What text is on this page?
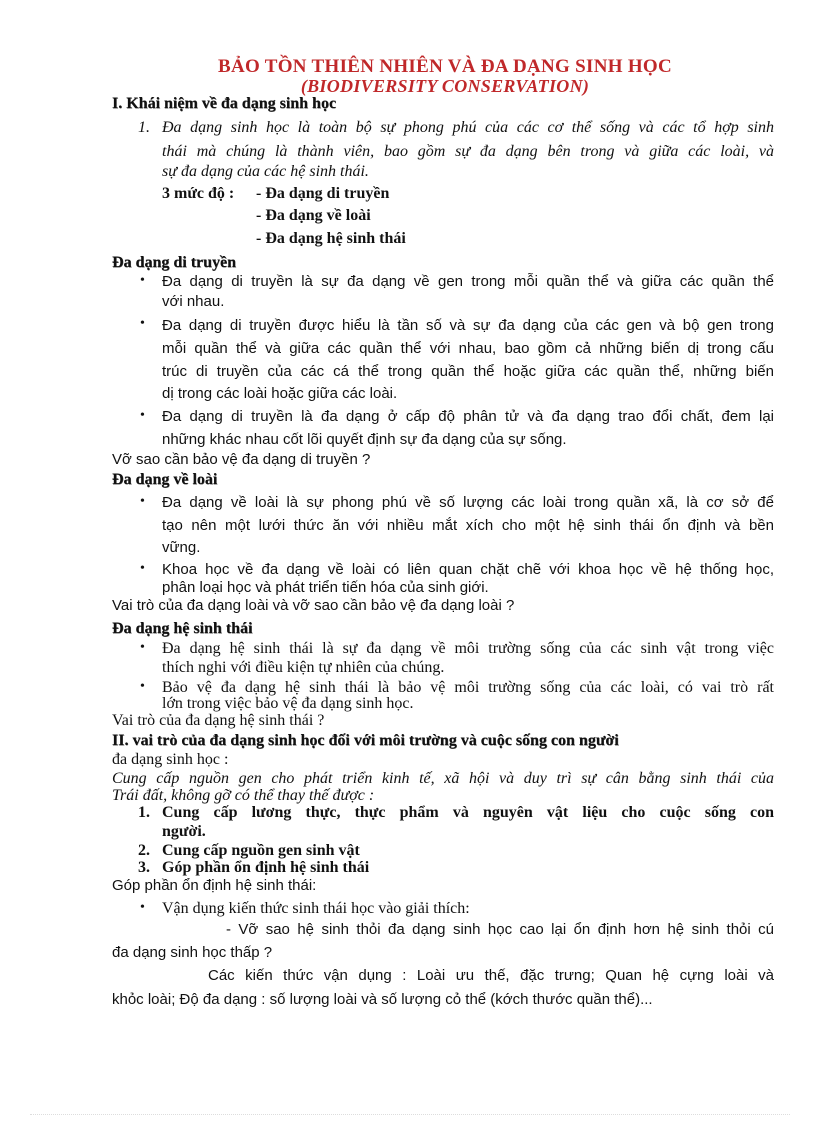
BẢO TỒN THIÊN NHIÊN VÀ ĐA DẠNG SINH HỌC
(BIODIVERSITY CONSERVATION)
I. Khái niệm về đa dạng sinh học
1. Đa dạng sinh học là toàn bộ sự phong phú của các cơ thể sống và các tổ hợp sinh
thái mà chúng là thành viên, bao gồm sự đa dạng bên trong và giữa các loài, và
sự đa dạng của các hệ sinh thái.
3 mức độ : - Đa dạng di truyền
- Đa dạng về loài
- Đa dạng hệ sinh thái
Đa dạng di truyền
• Đa dạng di truyền là sự đa dạng về gen trong mỗi quần thể và giữa các quần thể
với nhau.
• Đa dạng di truyền được hiểu là tần số và sự đa dạng của các gen và bộ gen trong
mỗi quần thể và giữa các quần thể với nhau, bao gồm cả những biến dị trong cấu
trúc di truyền của các cá thể trong quần thể hoặc giữa các quần thể, những biến
dị trong các loài hoặc giữa các loài.
• Đa dạng di truyền là đa dạng ở cấp độ phân tử và đa dạng trao đổi chất, đem lại
những khác nhau cốt lõi quyết định sự đa dạng của sự sống.
Vỡ sao cần bảo vệ đa dạng di truyền ?
Đa dạng về loài
• Đa dạng về loài là sự phong phú về số lượng các loài trong quần xã, là cơ sở để
tạo nên một lưới thức ăn với nhiều mắt xích cho một hệ sinh thái ổn định và bền
vững.
• Khoa học về đa dạng về loài có liên quan chặt chẽ với khoa học về hệ thống học,
phân loại học và phát triển tiến hóa của sinh giới.
Vai trò của đa dạng loài và vỡ sao cần bảo vệ đa dạng loài ?
Đa dạng hệ sinh thái
• Đa dạng hệ sinh thái là sự đa dạng về môi trường sống của các sinh vật trong việc
thích nghi với điều kiện tự nhiên của chúng.
• Bảo vệ đa dạng hệ sinh thái là bảo vệ môi trường sống của các loài, có vai trò rất
lớn trong việc bảo vệ đa dạng sinh học.
Vai trò của đa dạng hệ sinh thái ?
II. vai trò của đa dạng sinh học đối với môi trường và cuộc sống con người
đa dạng sinh học :
Cung cấp nguồn gen cho phát triển kinh tế, xã hội và duy trì sự cân bằng sinh thái của
Trái đất, không gỡ có thể thay thế được :
1. Cung cấp lương thực, thực phẩm và nguyên vật liệu cho cuộc sống con
người.
2. Cung cấp nguồn gen sinh vật
3. Góp phần ổn định hệ sinh thái
Góp phần ổn định hệ sinh thái:
• Vận dụng kiến thức sinh thái học vào giải thích:
- Vỡ sao hệ sinh thỏi đa dạng sinh học cao lại ổn định hơn hệ sinh thỏi cú
đa dạng sinh học thấp ?
Các kiến thức vận dụng : Loài ưu thế, đặc trưng; Quan hệ cựng loài và
khỏc loài; Độ đa dạng : số lượng loài và số lượng cỏ thể (kớch thước quần thể)...
